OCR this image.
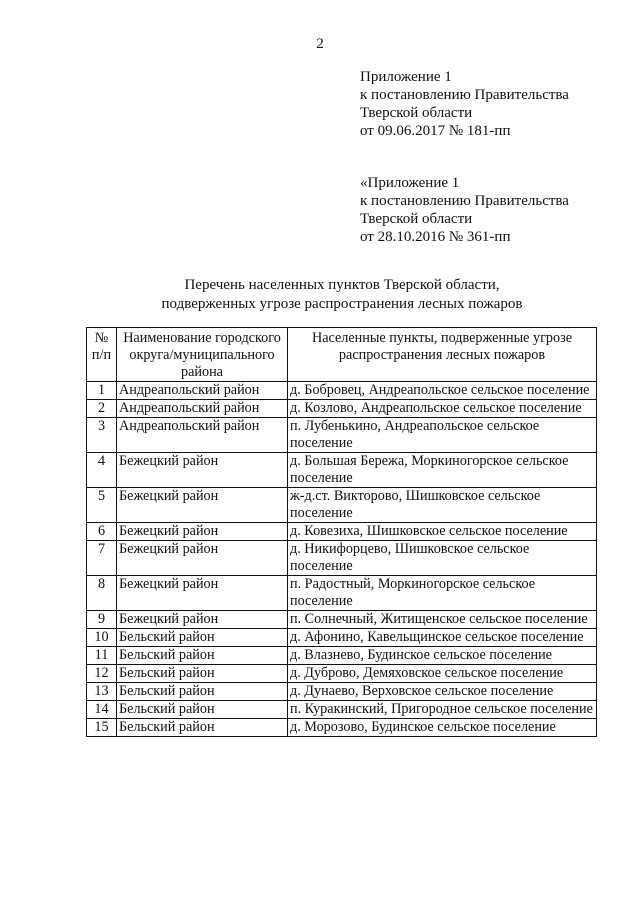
2
Приложение 1
к постановлению Правительства
Тверской области
от 09.06.2017 № 181-пп
«Приложение 1
к постановлению Правительства
Тверской области
от 28.10.2016 № 361-пп
Перечень населенных пунктов Тверской области,
подверженных угрозе распространения лесных пожаров
№ п/п	Наименование городского округа/муниципального района	Населенные пункты, подверженные угрозе распространения лесных пожаров
1	Андреапольский район	д. Бобровец, Андреапольское сельское поселение
2	Андреапольский район	д. Козлово, Андреапольское сельское поселение
3	Андреапольский район	п. Лубенькино, Андреапольское сельское поселение
4	Бежецкий район	д. Большая Бережа, Моркиногорское сельское поселение
5	Бежецкий район	ж-д.ст. Викторово, Шишковское сельское поселение
6	Бежецкий район	д. Ковезиха, Шишковское сельское поселение
7	Бежецкий район	д. Никифорцево, Шишковское сельское поселение
8	Бежецкий район	п. Радостный, Моркиногорское сельское поселение
9	Бежецкий район	п. Солнечный, Житищенское сельское поселение
10	Бельский район	д. Афонино, Кавельщинское сельское поселение
11	Бельский район	д. Влазнево, Будинское сельское поселение
12	Бельский район	д. Дуброво, Демяховское сельское поселение
13	Бельский район	д. Дунаево, Верховское сельское поселение
14	Бельский район	п. Куракинский, Пригородное сельское поселение
15	Бельский район	д. Морозово, Будинское сельское поселение
